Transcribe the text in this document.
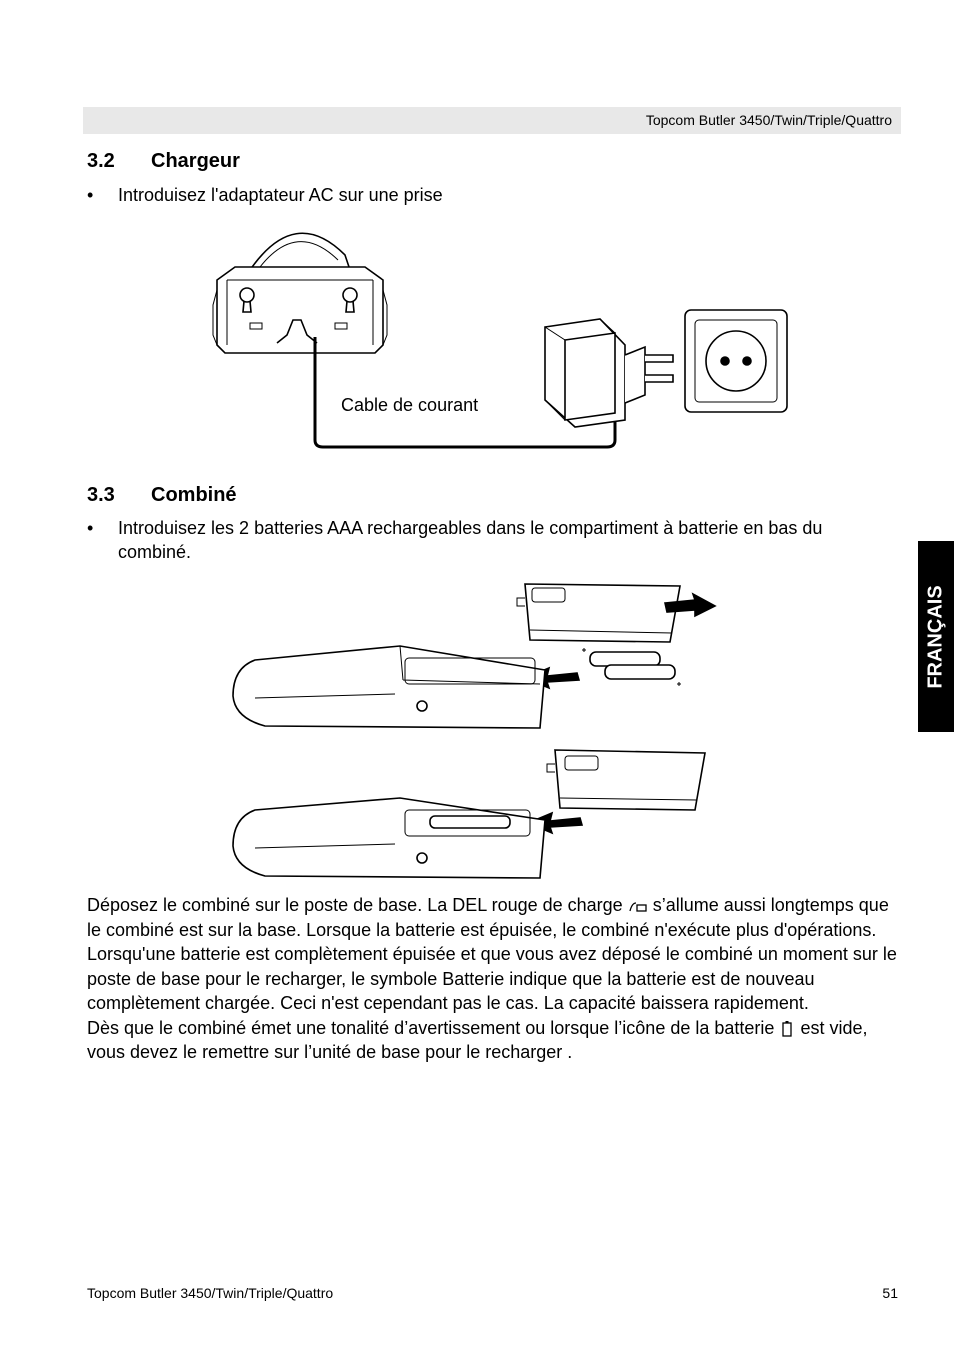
Topcom Butler 3450/Twin/Triple/Quattro
3.2 Chargeur
• Introduisez l'adaptateur AC sur une prise
Cable de courant
3.3 Combiné
• Introduisez les 2 batteries AAA rechargeables dans le compartiment à batterie en bas du combiné.
Déposez le combiné sur le poste de base. La DEL rouge de charge s’allume aussi longtemps que le combiné est sur la base. Lorsque la batterie est épuisée, le combiné n'exécute plus d'opérations. Lorsqu'une batterie est complètement épuisée et que vous avez déposé le combiné un moment sur le poste de base pour le recharger, le symbole Batterie indique que la batterie est de nouveau complètement chargée. Ceci n'est cependant pas le cas. La capacité baissera rapidement.
Dès que le combiné émet une tonalité d’avertissement ou lorsque l’icône de la batterie est vide, vous devez le remettre sur l’unité de base pour le recharger .
FRANÇAIS
Topcom Butler 3450/Twin/Triple/Quattro	51
